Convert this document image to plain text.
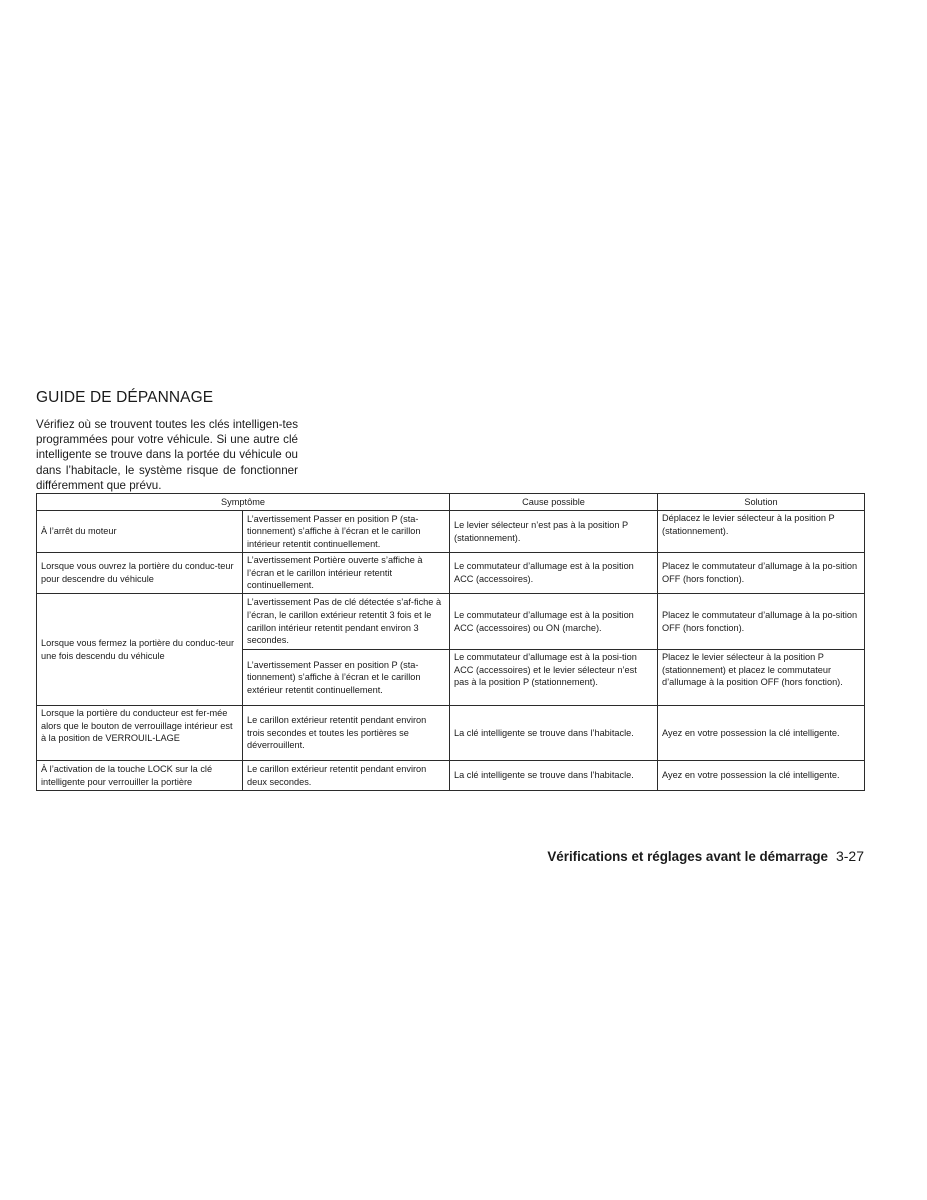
GUIDE DE DÉPANNAGE

Vérifiez où se trouvent toutes les clés intelligen-tes programmées pour votre véhicule. Si une autre clé intelligente se trouve dans la portée du véhicule ou dans l’habitacle, le système risque de fonctionner différemment que prévu.

Symptôme		Cause possible	Solution
À l’arrêt du moteur	L’avertissement Passer en position P (sta-tionnement) s’affiche à l’écran et le carillon intérieur retentit continuellement.	Le levier sélecteur n’est pas à la position P (stationnement).	Déplacez le levier sélecteur à la position P (stationnement).
Lorsque vous ouvrez la portière du conduc-teur pour descendre du véhicule	L’avertissement Portière ouverte s’affiche à l’écran et le carillon intérieur retentit continuellement.	Le commutateur d’allumage est à la position ACC (accessoires).	Placez le commutateur d’allumage à la po-sition OFF (hors fonction).
Lorsque vous fermez la portière du conduc-teur une fois descendu du véhicule	L’avertissement Pas de clé détectée s’af-fiche à l’écran, le carillon extérieur retentit 3 fois et le carillon intérieur retentit pendant environ 3 secondes.	Le commutateur d’allumage est à la position ACC (accessoires) ou ON (marche).	Placez le commutateur d’allumage à la po-sition OFF (hors fonction).
	L’avertissement Passer en position P (sta-tionnement) s’affiche à l’écran et le carillon extérieur retentit continuellement.	Le commutateur d’allumage est à la posi-tion ACC (accessoires) et le levier sélecteur n’est pas à la position P (stationnement).	Placez le levier sélecteur à la position P (stationnement) et placez le commutateur d’allumage à la position OFF (hors fonction).
Lorsque la portière du conducteur est fer-mée alors que le bouton de verrouillage intérieur est à la position de VERROUIL-LAGE	Le carillon extérieur retentit pendant environ trois secondes et toutes les portières se déverrouillent.	La clé intelligente se trouve dans l’habitacle.	Ayez en votre possession la clé intelligente.
À l’activation de la touche LOCK sur la clé intelligente pour verrouiller la portière	Le carillon extérieur retentit pendant environ deux secondes.	La clé intelligente se trouve dans l’habitacle.	Ayez en votre possession la clé intelligente.
Vérifications et réglages avant le démarrage 3-27
